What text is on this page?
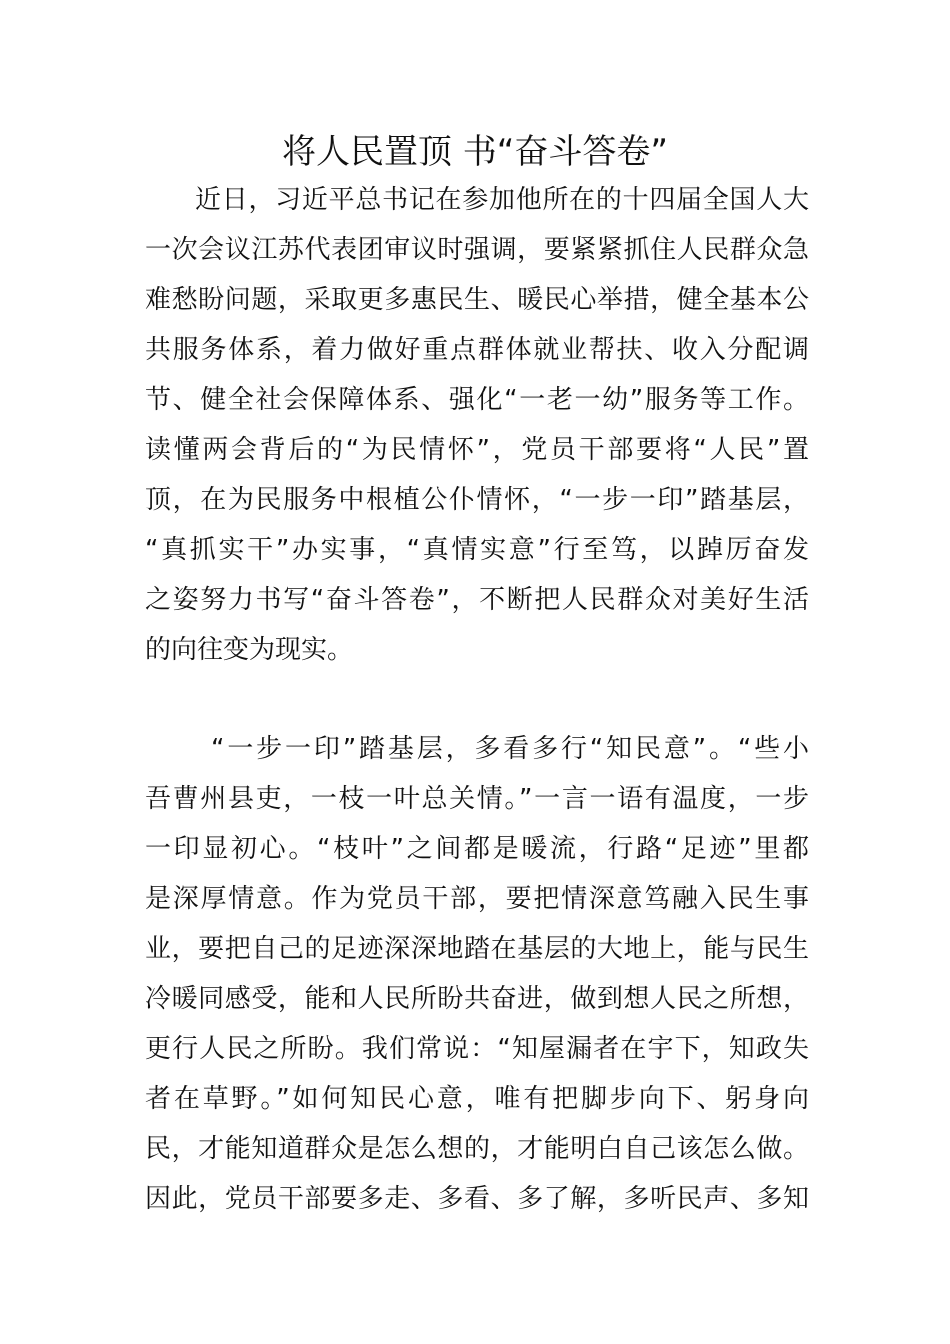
将人民置顶 书“奋斗答卷”
近日，习近平总书记在参加他所在的十四届全国人大
一次会议江苏代表团审议时强调，要紧紧抓住人民群众急
难愁盼问题，采取更多惠民生、暖民心举措，健全基本公
共服务体系，着力做好重点群体就业帮扶、收入分配调
节、健全社会保障体系、强化“一老一幼”服务等工作。
读懂两会背后的“为民情怀”，党员干部要将“人民”置
顶，在为民服务中根植公仆情怀，“一步一印”踏基层，
“真抓实干”办实事，“真情实意”行至笃，以踔厉奋发
之姿努力书写“奋斗答卷”，不断把人民群众对美好生活
的向往变为现实。
“一步一印”踏基层，多看多行“知民意”。“些小
吾曹州县吏，一枝一叶总关情。”一言一语有温度，一步
一印显初心。“枝叶”之间都是暖流，行路“足迹”里都
是深厚情意。作为党员干部，要把情深意笃融入民生事
业，要把自己的足迹深深地踏在基层的大地上，能与民生
冷暖同感受，能和人民所盼共奋进，做到想人民之所想，
更行人民之所盼。我们常说：“知屋漏者在宇下，知政失
者在草野。”如何知民心意，唯有把脚步向下、躬身向
民，才能知道群众是怎么想的，才能明白自己该怎么做。
因此，党员干部要多走、多看、多了解，多听民声、多知
